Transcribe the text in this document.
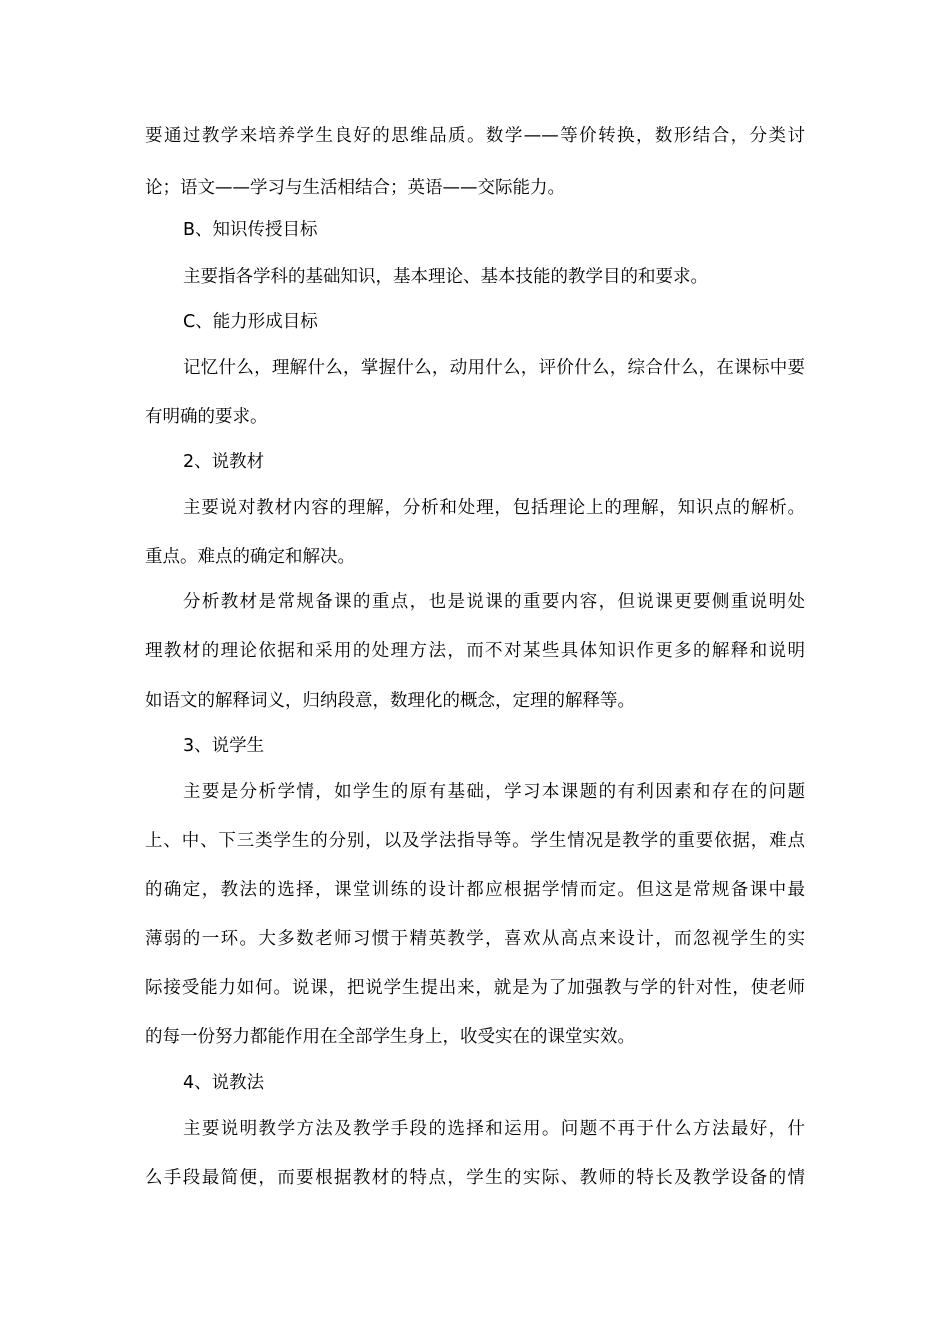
要通过教学来培养学生良好的思维品质。数学——等价转换，数形结合，分类讨
论；语文——学习与生活相结合；英语——交际能力。
B、知识传授目标
主要指各学科的基础知识，基本理论、基本技能的教学目的和要求。
C、能力形成目标
记忆什么，理解什么，掌握什么，动用什么，评价什么，综合什么，在课标中要
有明确的要求。
2、说教材
主要说对教材内容的理解，分析和处理，包括理论上的理解，知识点的解析。
重点。难点的确定和解决。
分析教材是常规备课的重点，也是说课的重要内容，但说课更要侧重说明处
理教材的理论依据和采用的处理方法，而不对某些具体知识作更多的解释和说明
如语文的解释词义，归纳段意，数理化的概念，定理的解释等。
3、说学生
主要是分析学情，如学生的原有基础，学习本课题的有利因素和存在的问题
上、中、下三类学生的分别，以及学法指导等。学生情况是教学的重要依据，难点
的确定，教法的选择，课堂训练的设计都应根据学情而定。但这是常规备课中最
薄弱的一环。大多数老师习惯于精英教学，喜欢从高点来设计，而忽视学生的实
际接受能力如何。说课，把说学生提出来，就是为了加强教与学的针对性，使老师
的每一份努力都能作用在全部学生身上，收受实在的课堂实效。
4、说教法
主要说明教学方法及教学手段的选择和运用。问题不再于什么方法最好，什
么手段最简便，而要根据教材的特点，学生的实际、教师的特长及教学设备的情
